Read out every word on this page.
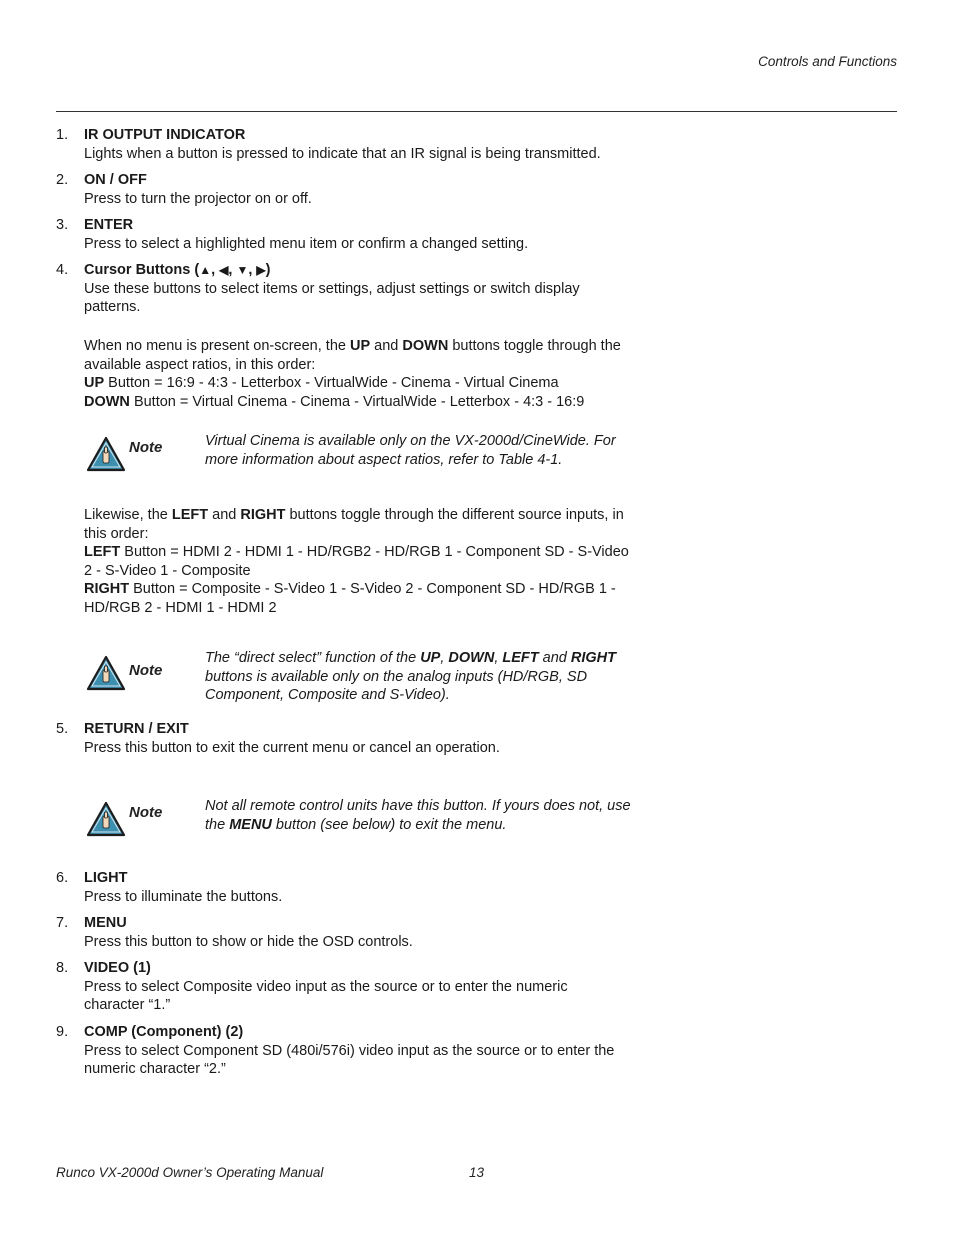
Controls and Functions
1.	IR OUTPUT INDICATOR
Lights when a button is pressed to indicate that an IR signal is being transmitted.
2.	ON / OFF
Press to turn the projector on or off.
3.	ENTER
Press to select a highlighted menu item or confirm a changed setting.
4.	Cursor Buttons (▲, ◀, ▼, ▶)
Use these buttons to select items or settings, adjust settings or switch display
patterns.
When no menu is present on-screen, the UP and DOWN buttons toggle through the
available aspect ratios, in this order:
UP Button = 16:9 - 4:3 - Letterbox - VirtualWide - Cinema - Virtual Cinema
DOWN Button = Virtual Cinema - Cinema - VirtualWide - Letterbox - 4:3 - 16:9
Note	Virtual Cinema is available only on the VX-2000d/CineWide. For
more information about aspect ratios, refer to Table 4-1.
Likewise, the LEFT and RIGHT buttons toggle through the different source inputs, in
this order:
LEFT Button = HDMI 2 - HDMI 1 - HD/RGB2 - HD/RGB 1 - Component SD - S-Video
2 - S-Video 1 - Composite
RIGHT Button = Composite - S-Video 1 - S-Video 2 - Component SD - HD/RGB 1 -
HD/RGB 2 - HDMI 1 - HDMI 2
Note
The “direct select” function of the UP, DOWN, LEFT and RIGHT
buttons is available only on the analog inputs (HD/RGB, SD
Component, Composite and S-Video).
5.	RETURN / EXIT
Press this button to exit the current menu or cancel an operation.
Note	Not all remote control units have this button. If yours does not, use
the MENU button (see below) to exit the menu.
6.	LIGHT
Press to illuminate the buttons.
7.	MENU
Press this button to show or hide the OSD controls.
8.	VIDEO (1)
Press to select Composite video input as the source or to enter the numeric
character “1.”
9.	COMP (Component) (2)
Press to select Component SD (480i/576i) video input as the source or to enter the
numeric character “2.”
Runco VX-2000d Owner’s Operating Manual	13
